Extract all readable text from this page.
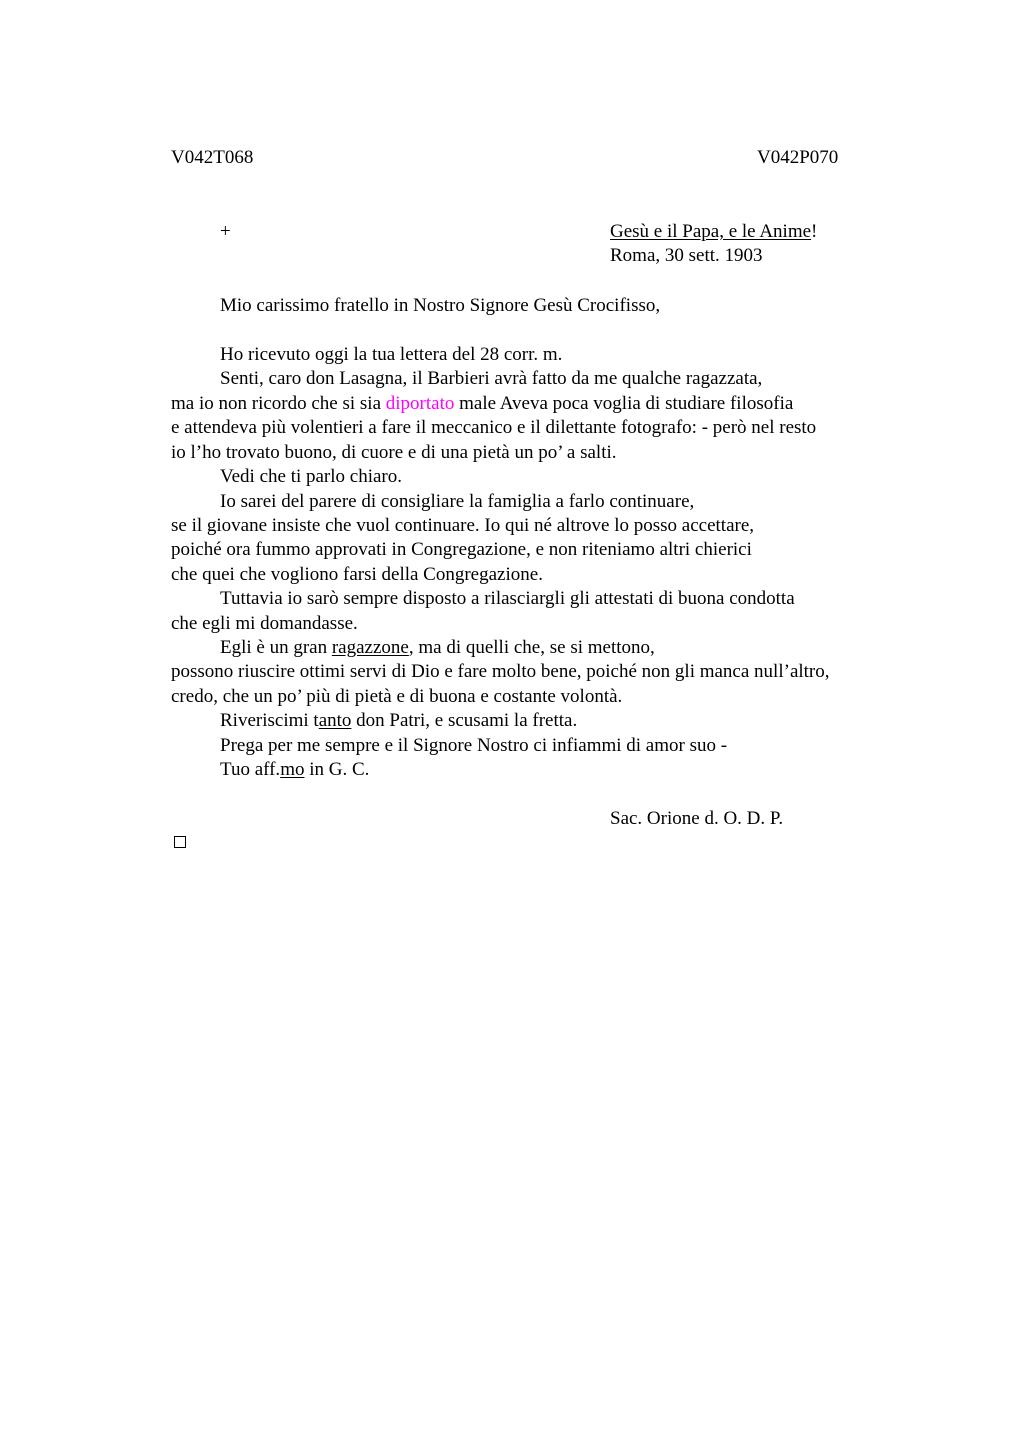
V042T068	V042P070
+	Gesù e il Papa, e le Anime!
Roma, 30 sett. 1903
Mio carissimo fratello in Nostro Signore Gesù Crocifisso,
Ho ricevuto oggi la tua lettera del 28 corr. m.
Senti, caro don Lasagna, il Barbieri avrà fatto da me qualche ragazzata,
ma io non ricordo che si sia diportato male Aveva poca voglia di studiare filosofia
e attendeva più volentieri a fare il meccanico e il dilettante fotografo: - però nel resto
io l’ho trovato buono, di cuore e di una pietà un po’ a salti.
Vedi che ti parlo chiaro.
Io sarei del parere di consigliare la famiglia a farlo continuare,
se il giovane insiste che vuol continuare. Io qui né altrove lo posso accettare,
poiché ora fummo approvati in Congregazione, e non riteniamo altri chierici
che quei che vogliono farsi della Congregazione.
Tuttavia io sarò sempre disposto a rilasciargli gli attestati di buona condotta
che egli mi domandasse.
Egli è un gran ragazzone, ma di quelli che, se si mettono,
possono riuscire ottimi servi di Dio e fare molto bene, poiché non gli manca null’altro,
credo, che un po’ più di pietà e di buona e costante volontà.
Riveriscimi tanto don Patri, e scusami la fretta.
Prega per me sempre e il Signore Nostro ci infiammi di amor suo -
Tuo aff.mo in G. C.
Sac. Orione d. O. D. P.
